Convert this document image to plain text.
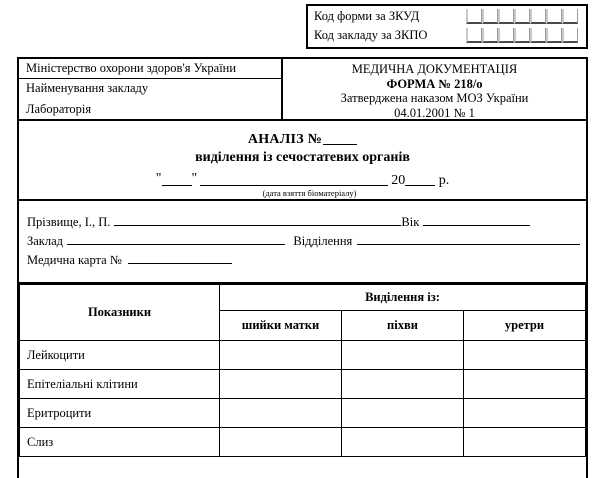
Код форми за ЗКУД
Код закладу за ЗКПО
Міністерство охорони здоров'я України
Найменування закладу
Лабораторія
МЕДИЧНА ДОКУМЕНТАЦІЯ
ФОРМА № 218/о
Затверджена наказом МОЗ України
04.01.2001 № 1
АНАЛІЗ №
виділення із сечостатевих органів
" "	20 р.
(дата взяття біоматеріалу)
Прізвище, І., П.	Вік
Заклад	Відділення
Медична карта №
Показники	Виділення із:		
	шийки матки	піхви	уретри
Лейкоцити			
Епітеліальні клітини			
Еритроцити			
Слиз			
